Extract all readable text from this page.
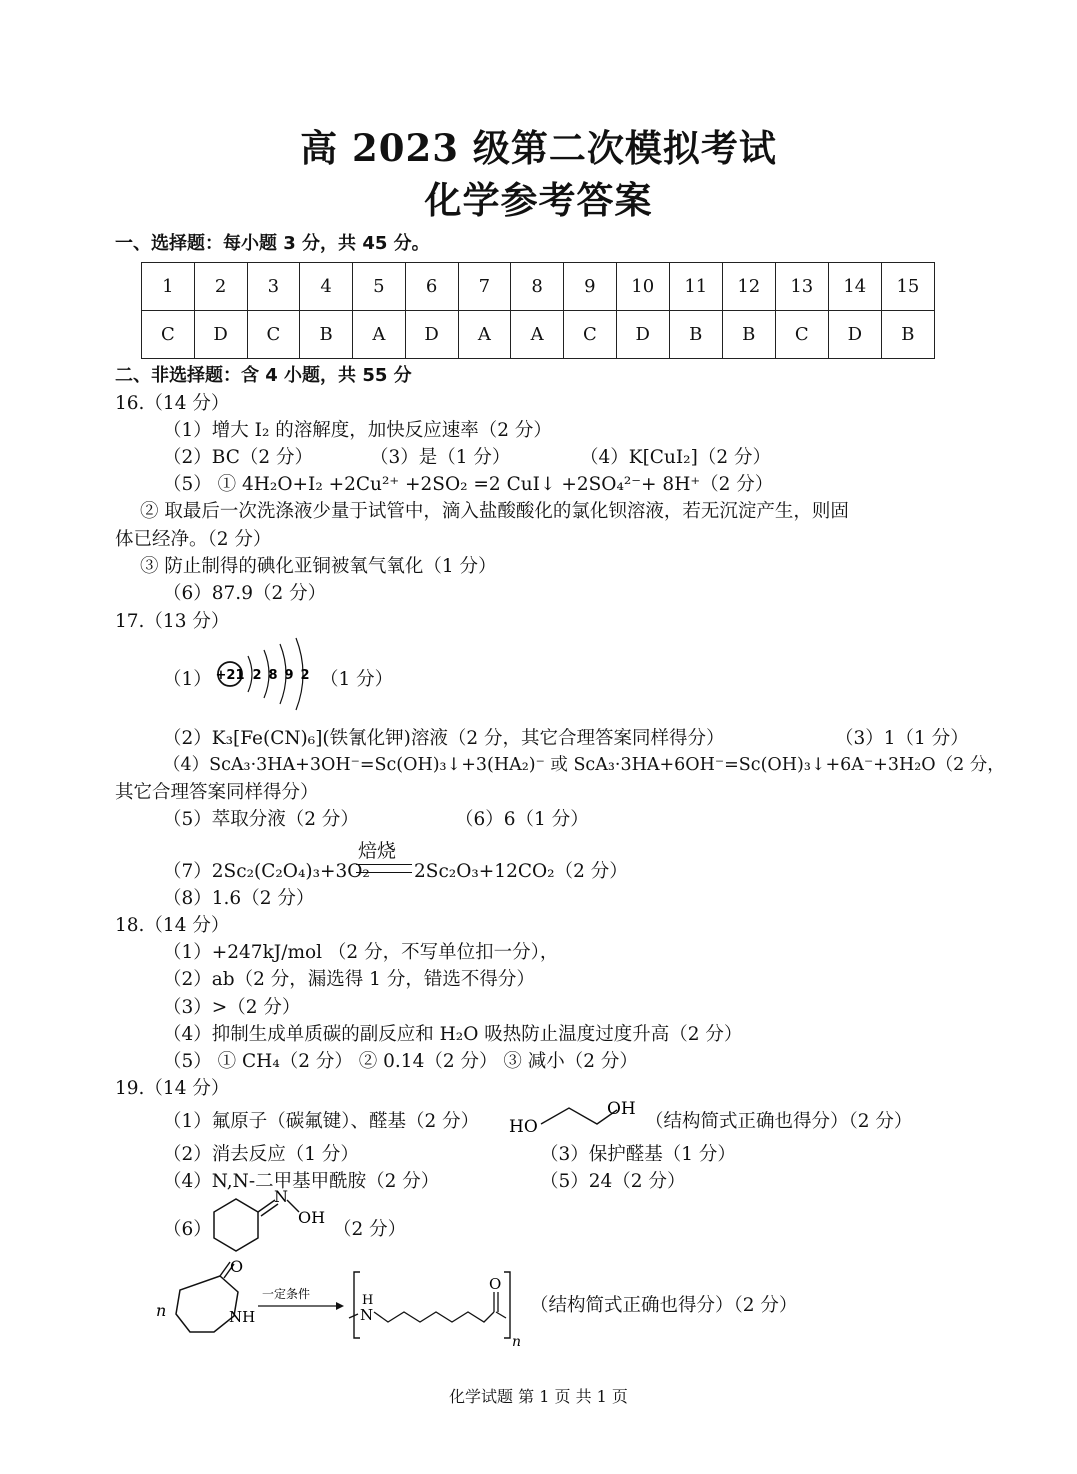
高 2023 级第二次模拟考试
化学参考答案
一、选择题：每小题 3 分，共 45 分。
1	2	3	4	5	6	7	8	9	10	11	12	13	14	15
C	D	C	B	A	D	A	A	C	D	B	B	C	D	B
二、非选择题：含 4 小题，共 55 分
16.（14 分）
（1）增大 I₂ 的溶解度，加快反应速率（2 分）
（2）BC（2 分）	（3）是（1 分）	（4）K[CuI₂]（2 分）
（5） ① 4H₂O+I₂ +2Cu²⁺ +2SO₂ =2 CuI↓ +2SO₄²⁻+ 8H⁺（2 分）
② 取最后一次洗涤液少量于试管中，滴入盐酸酸化的氯化钡溶液，若无沉淀产生，则固
体已经净。（2 分）
③ 防止制得的碘化亚铜被氧气氧化（1 分）
（6）87.9（2 分）
17.（13 分）
（1） +21 2 8 9 2 （1 分）
（2）K₃[Fe(CN)₆](铁氰化钾)溶液（2 分，其它合理答案同样得分）	（3）1（1 分）
（4）ScA₃·3HA+3OH⁻=Sc(OH)₃↓+3(HA₂)⁻ 或 ScA₃·3HA+6OH⁻=Sc(OH)₃↓+6A⁻+3H₂O（2 分，
其它合理答案同样得分）
（5）萃取分液（2 分）	（6）6（1 分）
焙烧
（7）2Sc₂(C₂O₄)₃+3O₂ 2Sc₂O₃+12CO₂（2 分）
（8）1.6（2 分）
18.（14 分）
（1）+247kJ/mol （2 分，不写单位扣一分），
（2）ab（2 分，漏选得 1 分，错选不得分）
（3）>（2 分）
（4）抑制生成单质碳的副反应和 H₂O 吸热防止温度过度升高（2 分）
（5） ① CH₄（2 分） ② 0.14（2 分） ③ 减小（2 分）
19.（14 分）
（1）氟原子（碳氟键）、醛基（2 分） HO
OH
（结构简式正确也得分）（2 分）
（2）消去反应（1 分）	（3）保护醛基（1 分）
（4）N,N-二甲基甲酰胺（2 分）	（5）24（2 分）
（6）
N
OH
（2 分）
n
O
NH
一定条件	H
N
O
n
（结构简式正确也得分）（2 分）
化学试题 第 1 页 共 1 页
